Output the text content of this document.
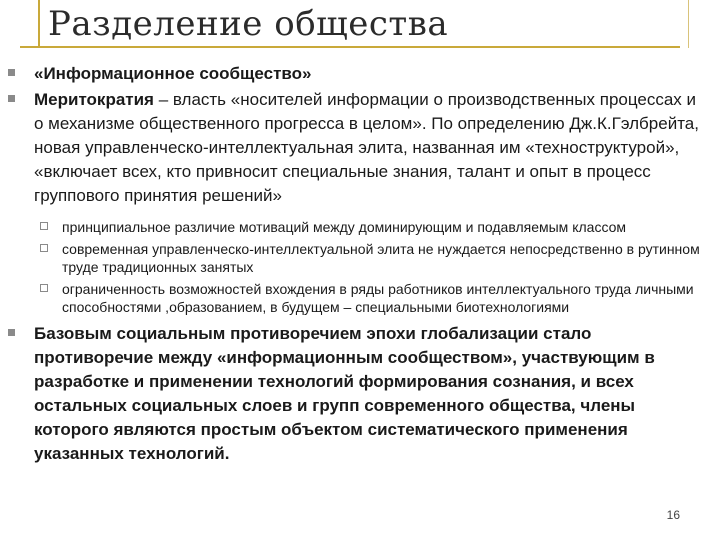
Разделение общества
«Информационное сообщество»
Меритократия – власть «носителей информации о производственных процессах и о механизме общественного прогресса в целом». По определению Дж.К.Гэлбрейта, новая управленческо-интеллектуальная элита, названная им «техноструктурой», «включает всех, кто привносит специальные знания, талант и опыт в процесс группового принятия решений»
принципиальное различие мотиваций между доминирующим и подавляемым классом
современная управленческо-интеллектуальной элита не нуждается непосредственно в рутинном труде традиционных занятых
ограниченность возможностей вхождения в ряды работников интеллектуального труда личными способностями ,образованием, в будущем – специальными биотехнологиями
Базовым социальным противоречием эпохи глобализации стало противоречие между «информационным сообществом», участвующим в разработке и применении технологий формирования сознания, и всех остальных социальных слоев и групп современного общества, члены которого являются простым объектом систематического применения указанных технологий.
16
